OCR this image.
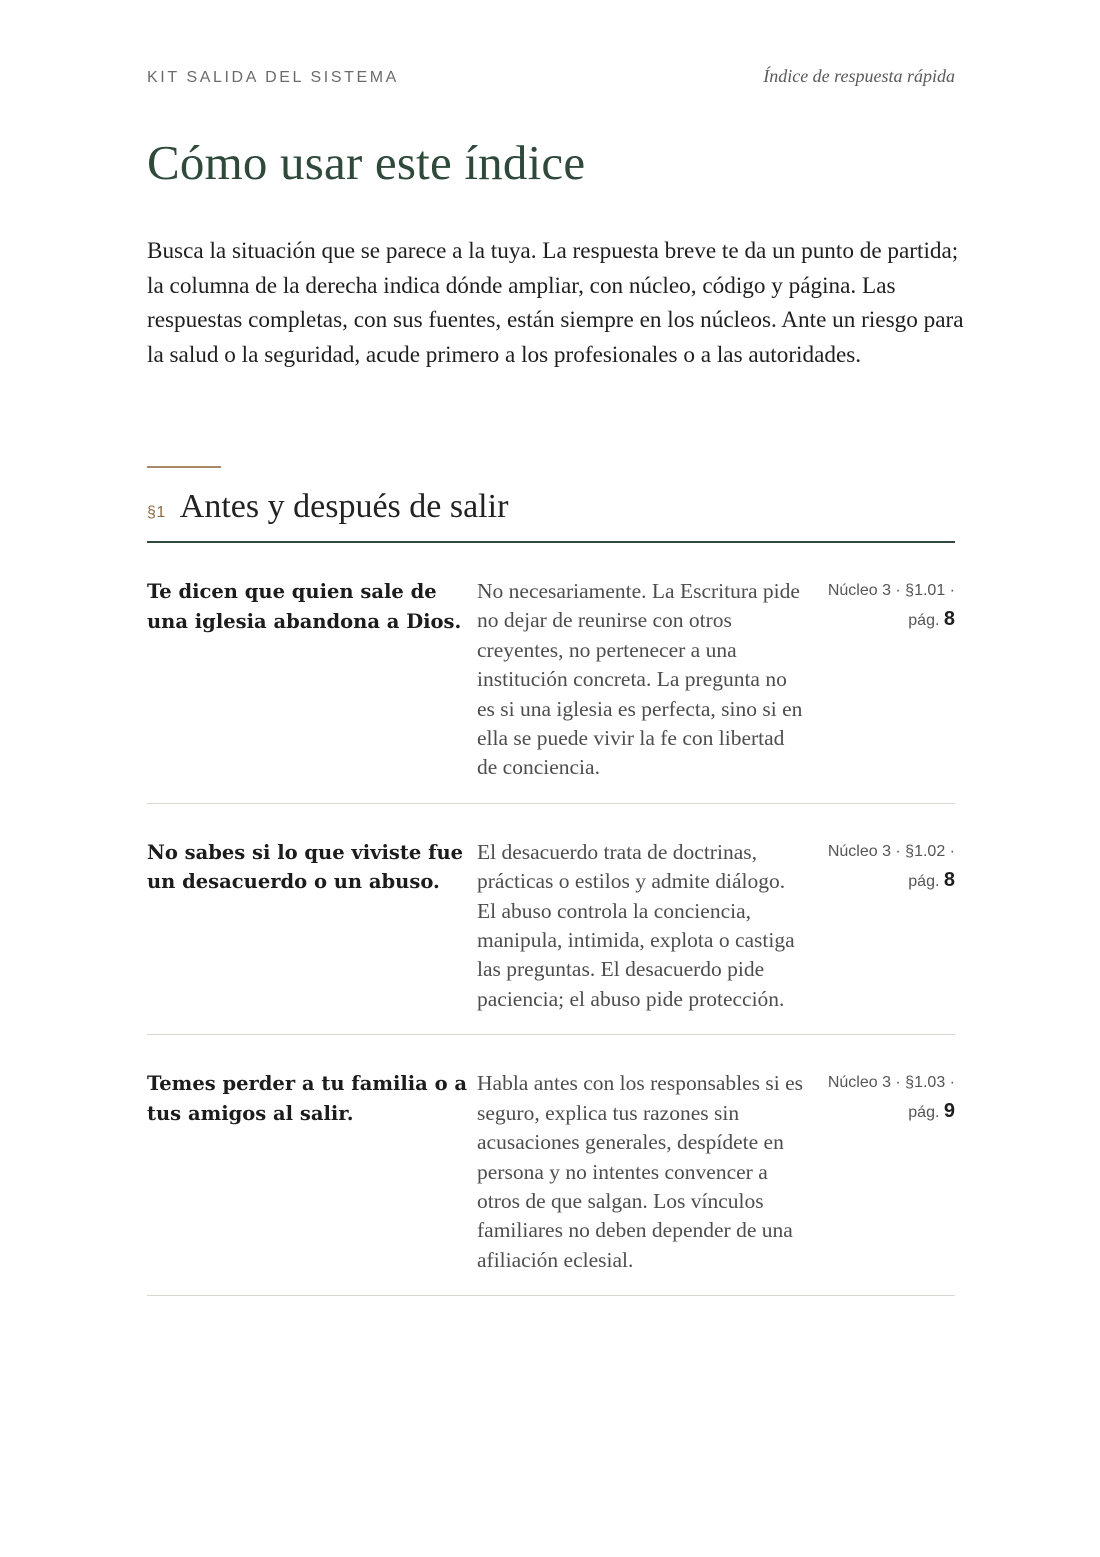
KIT SALIDA DEL SISTEMA	Índice de respuesta rápida
Cómo usar este índice

Busca la situación que se parece a la tuya. La respuesta breve te da un punto de partida; la columna de la derecha indica dónde ampliar, con núcleo, código y página. Las respuestas completas, con sus fuentes, están siempre en los núcleos. Ante un riesgo para la salud o la seguridad, acude primero a los profesionales o a las autoridades.

§1 Antes y después de salir
Te dicen que quien sale de una iglesia abandona a Dios.
No necesariamente. La Escritura pide no dejar de reunirse con otros creyentes, no pertenecer a una institución concreta. La pregunta no es si una iglesia es perfecta, sino si en ella se puede vivir la fe con libertad de conciencia.
Núcleo 3 · §1.01 ·
pág. 8
No sabes si lo que viviste fue un desacuerdo o un abuso.
El desacuerdo trata de doctrinas, prácticas o estilos y admite diálogo. El abuso controla la conciencia, manipula, intimida, explota o castiga las preguntas. El desacuerdo pide paciencia; el abuso pide protección.
Núcleo 3 · §1.02 ·
pág. 8
Temes perder a tu familia o a tus amigos al salir.
Habla antes con los responsables si es seguro, explica tus razones sin acusaciones generales, despídete en persona y no intentes convencer a otros de que salgan. Los vínculos familiares no deben depender de una afiliación eclesial.
Núcleo 3 · §1.03 ·
pág. 9
